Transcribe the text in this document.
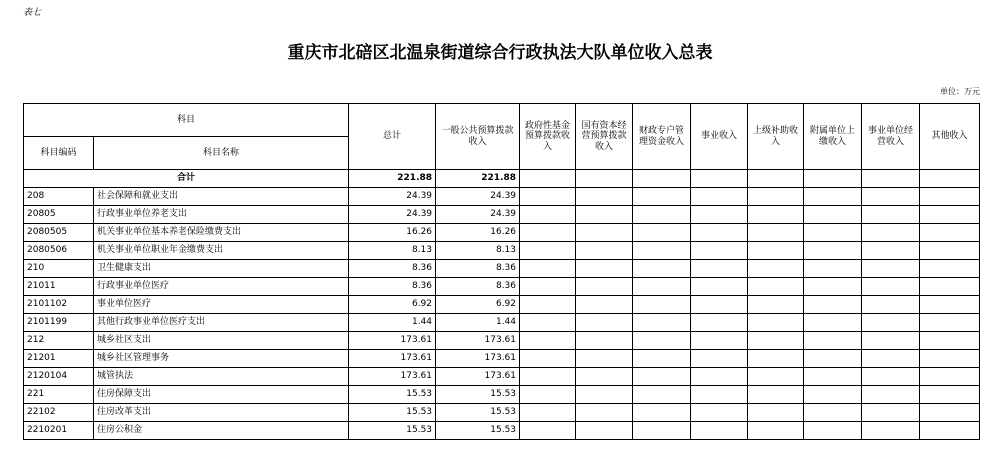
表七
重庆市北碚区北温泉街道综合行政执法大队单位收入总表
单位：万元
科目		总计	一般公共预算拨款收入	政府性基金预算拨款收入	国有资本经营预算拨款收入	财政专户管理资金收入	事业收入	上级补助收入	附属单位上缴收入	事业单位经营收入	其他收入
科目编码	科目名称										
合计		221.88	221.88								
208	社会保障和就业支出	24.39	24.39								
20805	行政事业单位养老支出	24.39	24.39								
2080505	机关事业单位基本养老保险缴费支出	16.26	16.26								
2080506	机关事业单位职业年金缴费支出	8.13	8.13								
210	卫生健康支出	8.36	8.36								
21011	行政事业单位医疗	8.36	8.36								
2101102	事业单位医疗	6.92	6.92								
2101199	其他行政事业单位医疗支出	1.44	1.44								
212	城乡社区支出	173.61	173.61								
21201	城乡社区管理事务	173.61	173.61								
2120104	城管执法	173.61	173.61								
221	住房保障支出	15.53	15.53								
22102	住房改革支出	15.53	15.53								
2210201	住房公积金	15.53	15.53								
